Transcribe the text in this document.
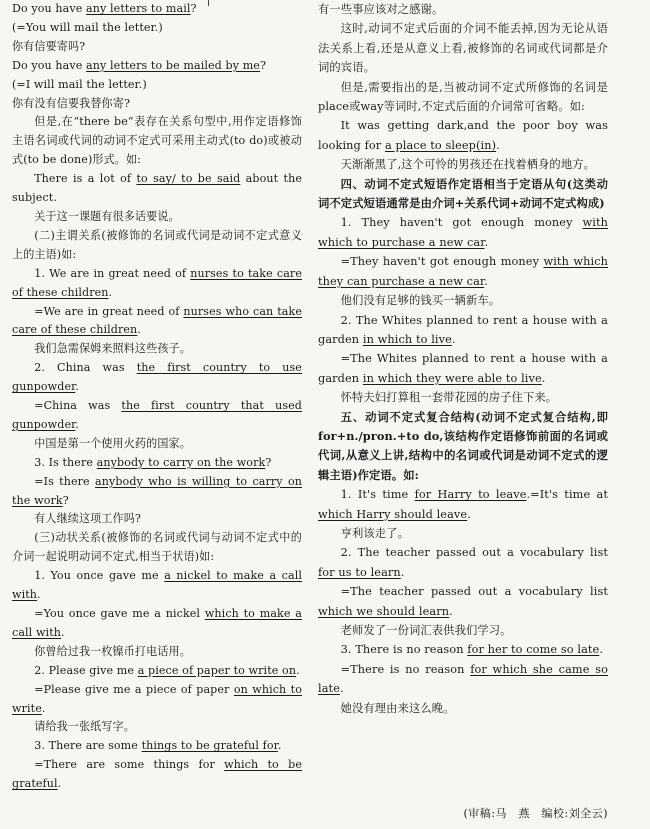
Do you have any letters to mail?

(=You will mail the letter.)

你有信要寄吗?

Do you have any letters to be mailed by me?

(=I will mail the letter.)

你有没有信要我替你寄?

但是,在“there be”表存在关系句型中,用作定语修饰主语名词或代词的动词不定式可采用主动式(to do)或被动式(to be done)形式。如:

There is a lot of to say/ to be said about the subject.

关于这一课题有很多话要说。

(二)主谓关系(被修饰的名词或代词是动词不定式意义上的主语)如:

1. We are in great need of nurses to take care of these children.

=We are in great need of nurses who can take care of these children.

我们急需保姆来照料这些孩子。

2. China was the first country to use gunpowder.

=China was the first country that used gunpowder.

中国是第一个使用火药的国家。

3. Is there anybody to carry on the work?

=Is there anybody who is willing to carry on the work?

有人继续这项工作吗?

(三)动状关系(被修饰的名词或代词与动词不定式中的介词一起说明动词不定式,相当于状语)如:

1. You once gave me a nickel to make a call with.

=You once gave me a nickel which to make a call with.

你曾给过我一枚镍币打电话用。

2. Please give me a piece of paper to write on.

=Please give me a piece of paper on which to write.

请给我一张纸写字。

3. There are some things to be grateful for.

=There are some things for which to be grateful.

有一些事应该对之感谢。

这时,动词不定式后面的介词不能丢掉,因为无论从语法关系上看,还是从意义上看,被修饰的名词或代词都是介词的宾语。

但是,需要指出的是,当被动词不定式所修饰的名词是place或way等词时,不定式后面的介词常可省略。如:

It was getting dark,and the poor boy was looking for a place to sleep(in).

天渐渐黑了,这个可怜的男孩还在找着栖身的地方。

四、动词不定式短语作定语相当于定语从句(这类动词不定式短语通常是由介词+关系代词+动词不定式构成)

1. They haven't got enough money with which to purchase a new car.

=They haven't got enough money with which they can purchase a new car.

他们没有足够的钱买一辆新车。

2. The Whites planned to rent a house with a garden in which to live.

=The Whites planned to rent a house with a garden in which they were able to live.

怀特夫妇打算租一套带花园的房子住下来。

五、动词不定式复合结构(动词不定式复合结构,即for+n./pron.+to do,该结构作定语修饰前面的名词或代词,从意义上讲,结构中的名词或代词是动词不定式的逻辑主语)作定语。如:

1. It's time for Harry to leave.=It's time at which Harry should leave.

亨利该走了。

2. The teacher passed out a vocabulary list for us to learn.

=The teacher passed out a vocabulary list which we should learn.

老师发了一份词汇表供我们学习。

3. There is no reason for her to come so late.

=There is no reason for which she came so late.

她没有理由来这么晚。

(审稿:马　燕　编校:刘全云)
